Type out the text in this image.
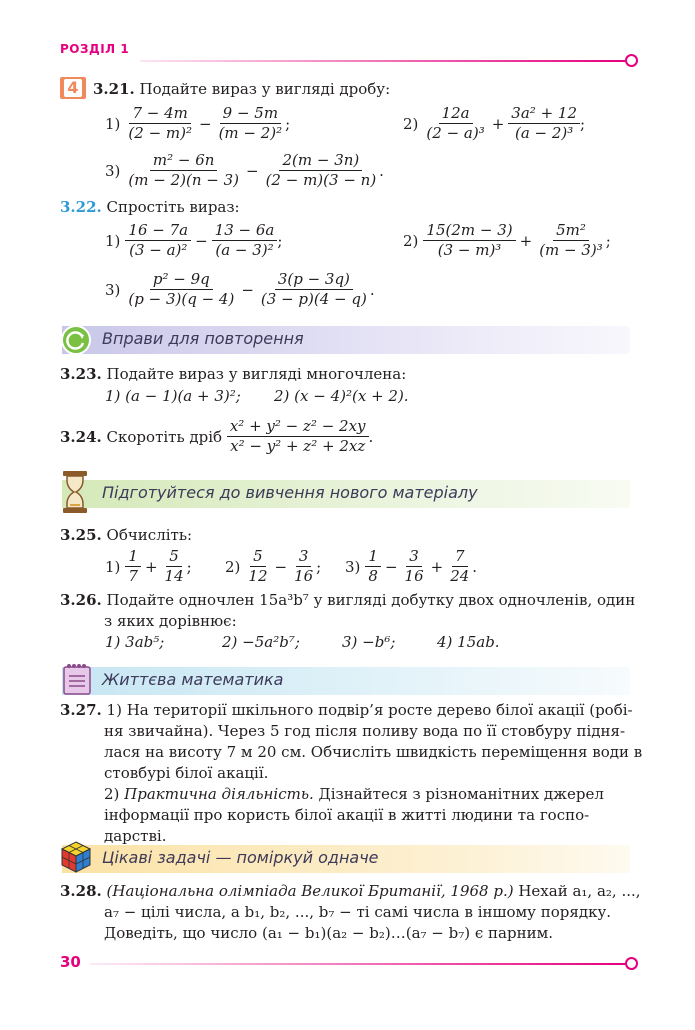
РОЗДІЛ 1
4 3.21. Подайте вираз у вигляді дробу:
$1) \frac{7 - 4m}{\text{(2 − m)²}} - \frac{9 - 5m}{\text{(m − 2)²}}$ ;	$2) \frac{12a}{\text{(2 − a)³}} + \frac{\text{3a² + 12}}{\text{(a − 2)³}}$ ;
$3) \frac{\text{m² − 6n}}{(m - 2)(n - 3)} - \frac{2(m - 3n)}{(2 - m)(3 - n)}$ .
3.22. Спростіть вираз:
$1) \frac{16 - 7a}{\text{(3 − a)²}} - \frac{13 - 6a}{\text{(a − 3)²}}$ ;	$2) \frac{15(2m - 3)}{\text{(3 − m)³}} + \frac{\text{5m²}}{\text{(m − 3)³}}$ ;
$3) \frac{\text{p² − 9q}}{(p - 3)(q - 4)} - \frac{3(p - 3q)}{(3 - p)(4 - q)}$ .
Вправи для повторення
3.23. Подайте вираз у вигляді многочлена:
1) (a − 1)(a + 3)²; 2) (x − 4)²(x + 2).
3.24.
Скоротіть дріб
$\frac{\text{x² + y² − z² − 2xy}}{\text{x² − y² + z² + 2xz}}$ .
Підготуйтеся до вивчення нового матеріалу
3.25. Обчисліть:
$1) \frac{1}{7} + \frac{5}{14}$ ; $2) \frac{5}{12} - \frac{3}{16}$ ; $3) \frac{1}{8} - \frac{3}{16} + \frac{7}{24}$ .
3.26. Подайте одночлен 15a³b⁷ у вигляді добутку двох одночленів, один
з яких дорівнює:
1) 3ab⁵;	2) −5a²b⁷;	3) −b⁶;	4) 15ab.
Життєва математика
3.27. 1) На території шкільного подвір’я росте дерево білої акації (робі-
ня звичайна). Через 5 год після поливу вода по її стовбуру підня-
лася на висоту 7 м 20 см. Обчисліть швидкість переміщення води в
стовбурі білої акації.
2) Практична діяльність. Дізнайтеся з різноманітних джерел
інформації про користь білої акації в житті людини та госпо-
дарстві.
Цікаві задачі — поміркуй одначе
3.28. (Національна олімпіада Великої Британії, 1968 р.) Нехай a₁, a₂, ...,
a₇ − цілі числа, а b₁, b₂, ..., b₇ − ті самі числа в іншому порядку.
Доведіть, що число (a₁ − b₁)(a₂ − b₂)…(a₇ − b₇) є парним.
30
